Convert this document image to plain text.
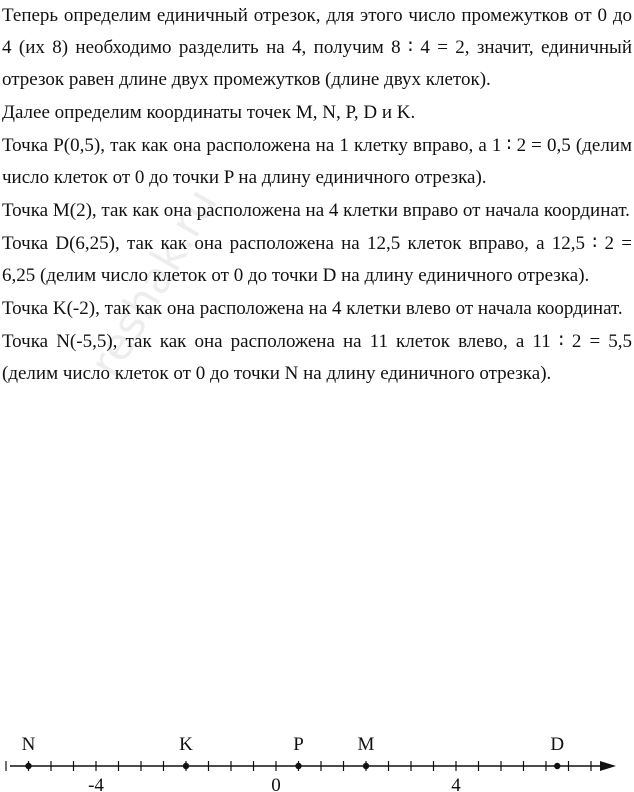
Теперь определим единичный отрезок, для этого число промежутков от 0 до 4 (их 8) необходимо разделить на 4, получим 8 ∶ 4 = 2, значит, единичный отрезок равен длине двух промежутков (длине двух клеток).

Далее определим координаты точек M, N, P, D и K.

Точка P(0,5), так как она расположена на 1 клетку вправо, а 1 ∶ 2 = 0,5 (делим число клеток от 0 до точки P на длину единичного отрезка).

Точка M(2), так как она расположена на 4 клетки вправо от начала координат.

Точка D(6,25), так как она расположена на 12,5 клеток вправо, а 12,5 ∶ 2 = 6,25 (делим число клеток от 0 до точки D на длину единичного отрезка).

Точка K(-2), так как она расположена на 4 клетки влево от начала координат.

Точка N(-5,5), так как она расположена на 11 клеток влево, а 11 ∶ 2 = 5,5 (делим число клеток от 0 до точки N на длину единичного отрезка).

reshak.ru
-4	0	4
N	K	P	M	D
